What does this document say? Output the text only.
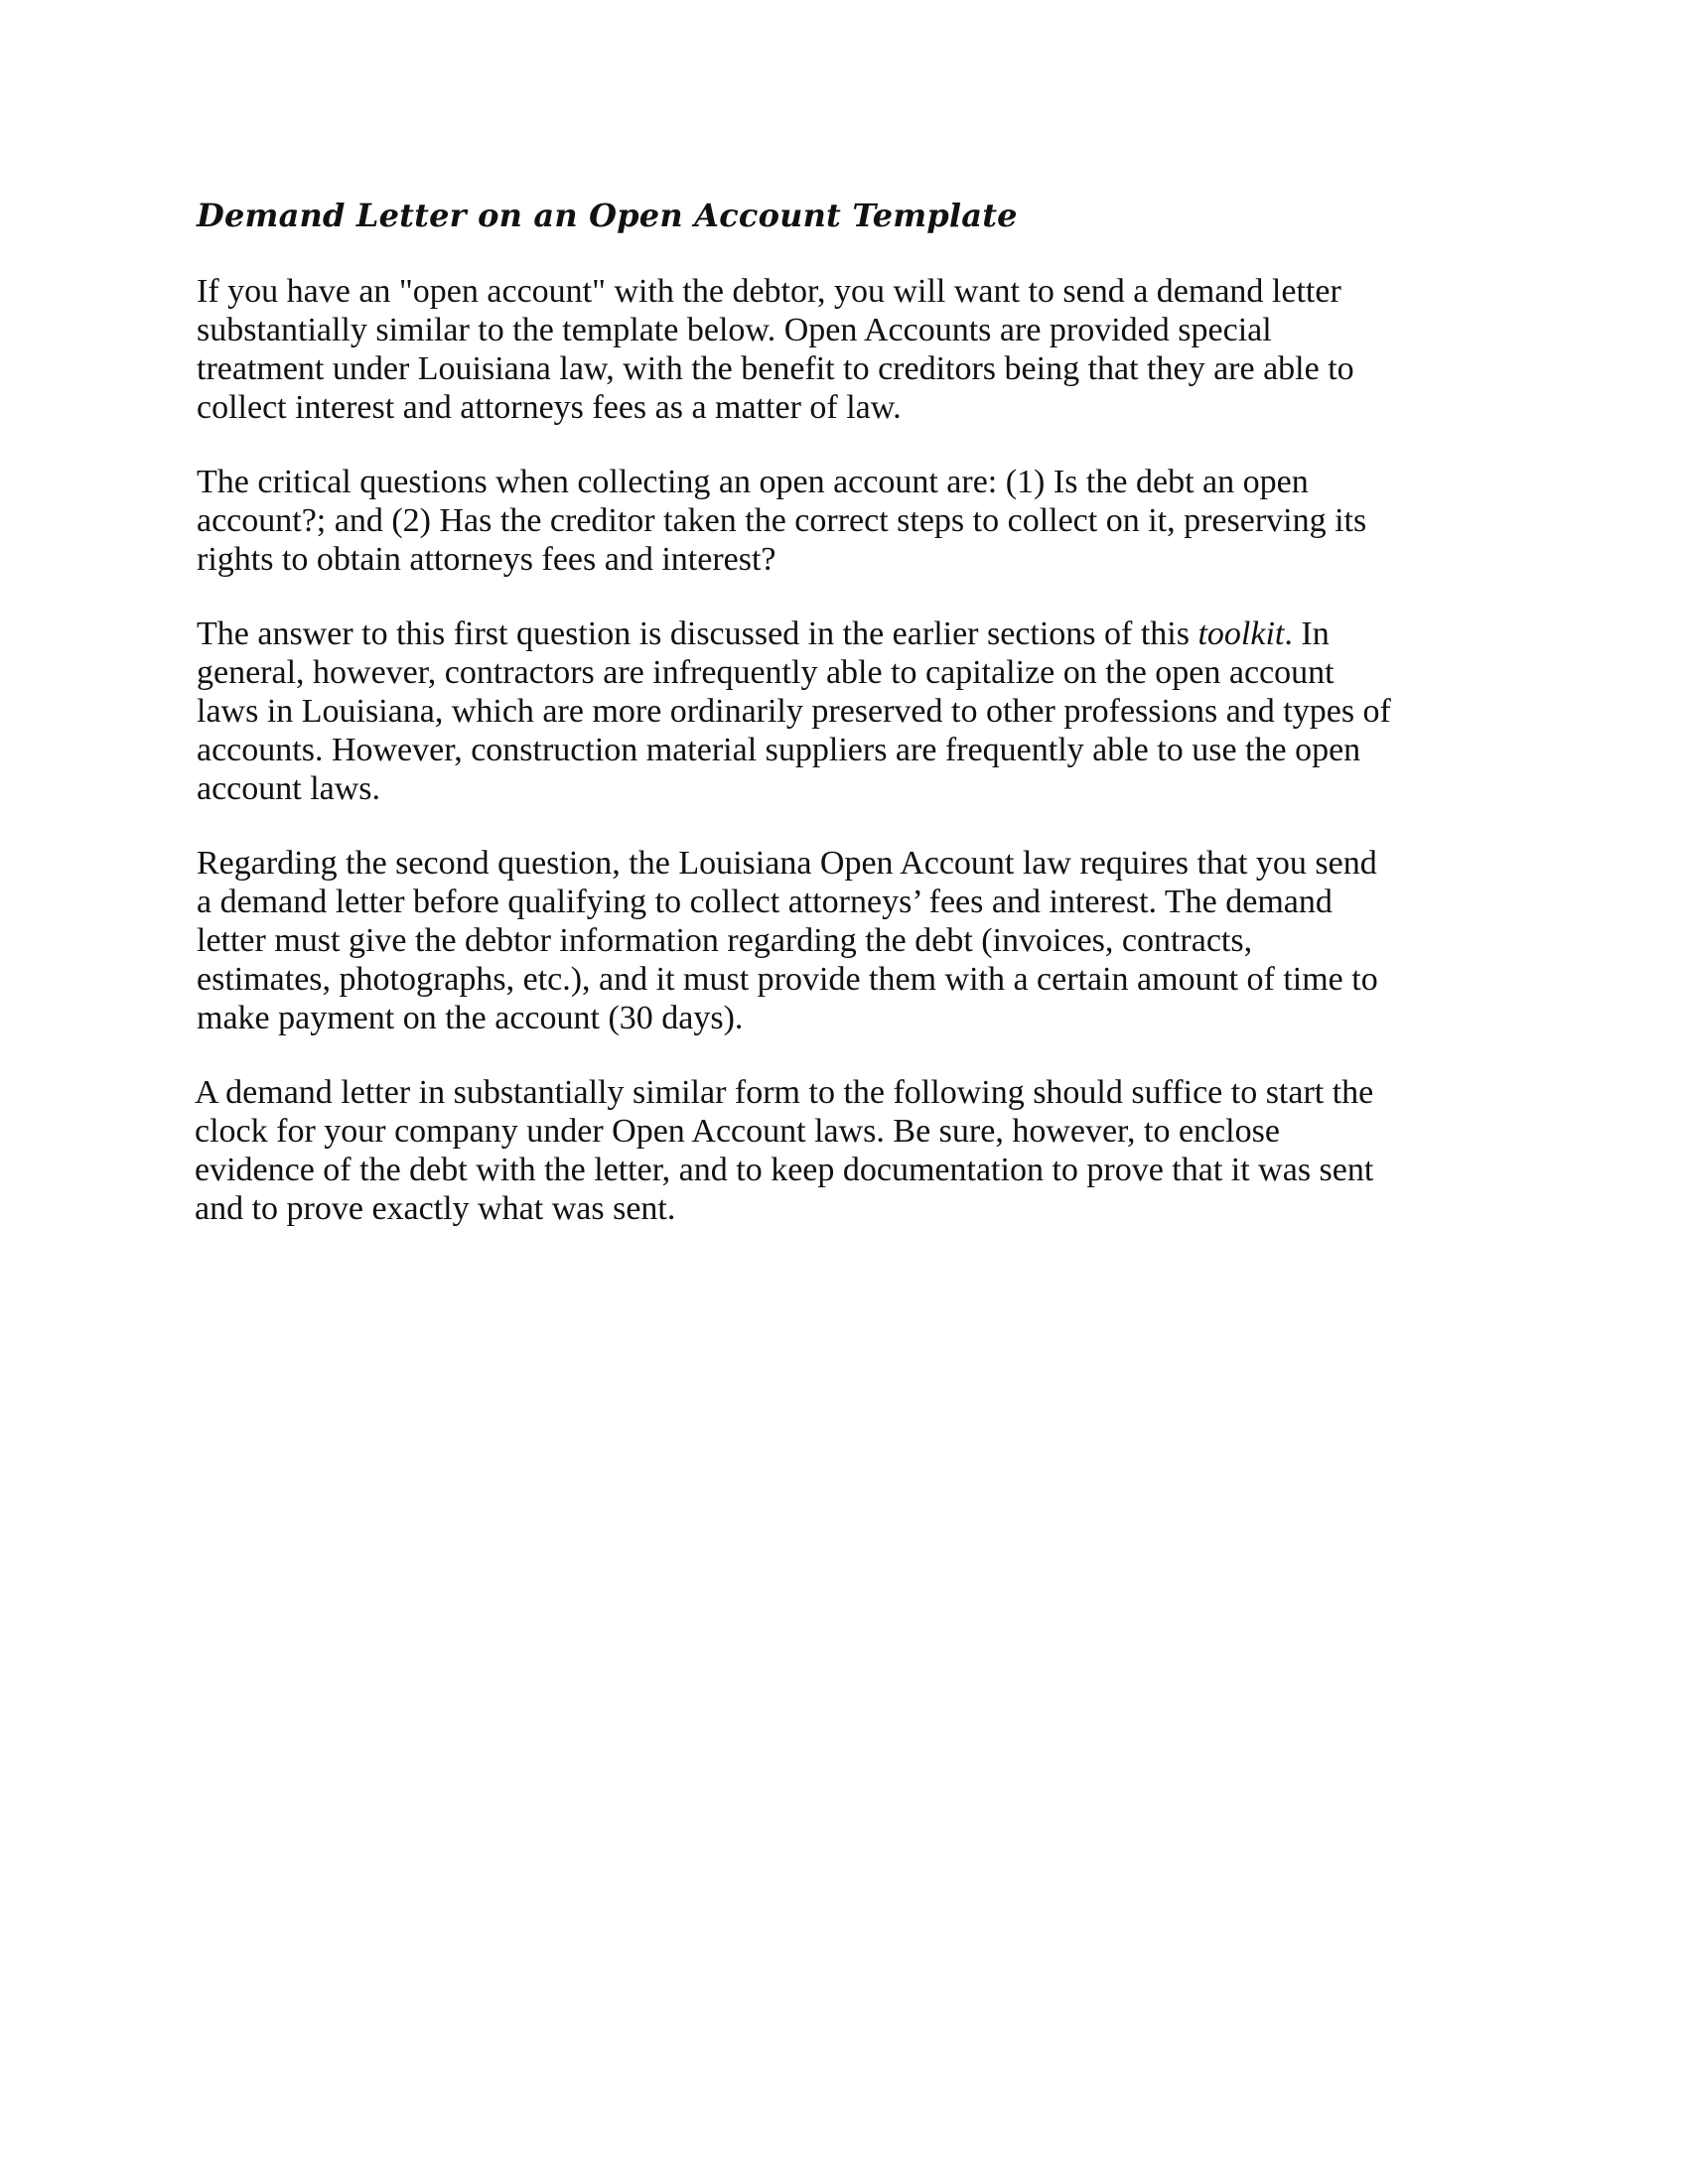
Demand Letter on an Open Account Template

If you have an "open account" with the debtor, you will want to send a demand letter
substantially similar to the template below. Open Accounts are provided special
treatment under Louisiana law, with the benefit to creditors being that they are able to
collect interest and attorneys fees as a matter of law.

The critical questions when collecting an open account are: (1) Is the debt an open
account?; and (2) Has the creditor taken the correct steps to collect on it, preserving its
rights to obtain attorneys fees and interest?

The answer to this first question is discussed in the earlier sections of this toolkit. In
general, however, contractors are infrequently able to capitalize on the open account
laws in Louisiana, which are more ordinarily preserved to other professions and types of
accounts. However, construction material suppliers are frequently able to use the open
account laws.

Regarding the second question, the Louisiana Open Account law requires that you send
a demand letter before qualifying to collect attorneys’ fees and interest. The demand
letter must give the debtor information regarding the debt (invoices, contracts,
estimates, photographs, etc.), and it must provide them with a certain amount of time to
make payment on the account (30 days).

A demand letter in substantially similar form to the following should suffice to start the
clock for your company under Open Account laws. Be sure, however, to enclose
evidence of the debt with the letter, and to keep documentation to prove that it was sent
and to prove exactly what was sent.
